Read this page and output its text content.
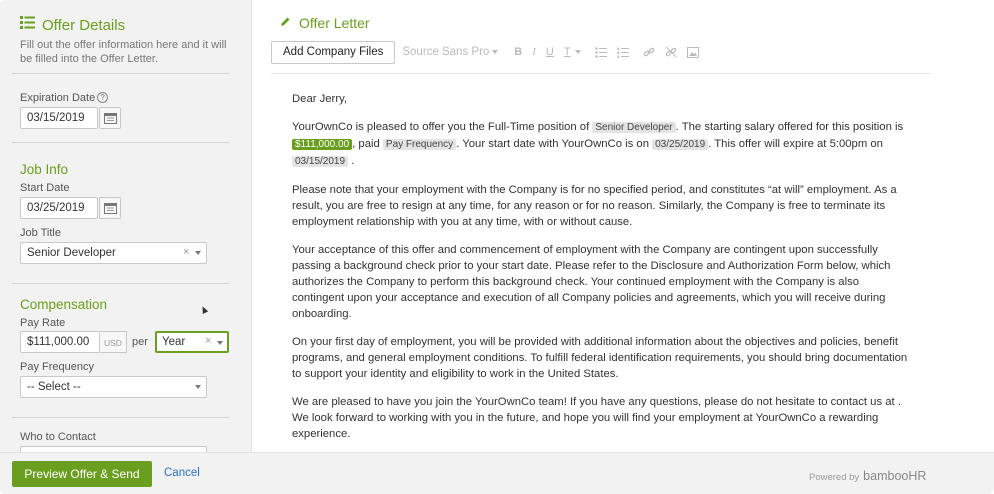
Offer Details
Fill out the offer information here and it will be filled into the Offer Letter.
Expiration Date ?
03/15/2019
Job Info
Start Date
03/25/2019
Job Title
Senior Developer	×
Compensation
Pay Rate
$111,000.00	USD per	Year	×
Pay Frequency
-- Select --
Who to Contact
Offer Letter
Add Company Files	Source Sans Pro B I U T

Dear Jerry,

YourOwnCo is pleased to offer you the Full-Time position of Senior Developer . The starting salary offered for this position is $111,000.00 , paid Pay Frequency . Your start date with YourOwnCo is on 03/25/2019 . This offer will expire at 5:00pm on 03/15/2019 .

Please note that your employment with the Company is for no specified period, and constitutes “at will” employment. As a result, you are free to resign at any time, for any reason or for no reason. Similarly, the Company is free to terminate its employment relationship with you at any time, with or without cause.

Your acceptance of this offer and commencement of employment with the Company are contingent upon successfully passing a background check prior to your start date. Please refer to the Disclosure and Authorization Form below, which authorizes the Company to perform this background check. Your continued employment with the Company is also contingent upon your acceptance and execution of all Company policies and agreements, which you will receive during onboarding.

On your first day of employment, you will be provided with additional information about the objectives and policies, benefit programs, and general employment conditions. To fulfill federal identification requirements, you should bring documentation to support your identity and eligibility to work in the United States.

We are pleased to have you join the YourOwnCo team! If you have any questions, please do not hesitate to contact us at . We look forward to working with you in the future, and hope you will find your employment at YourOwnCo a rewarding experience.

Preview Offer & Send	Cancel	Powered by bambooHR
